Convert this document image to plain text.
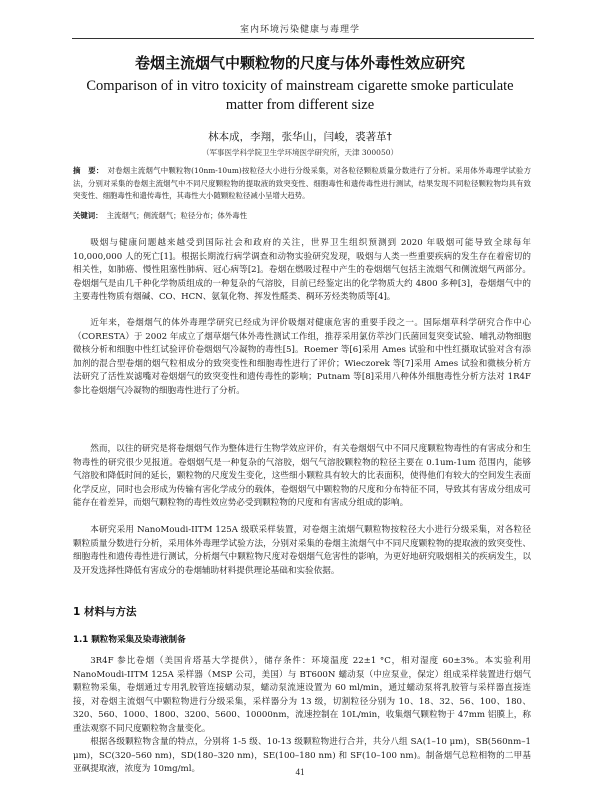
室内环境污染健康与毒理学
卷烟主流烟气中颗粒物的尺度与体外毒性效应研究
Comparison of in vitro toxicity of mainstream cigarette smoke particulate matter from different size
林本成，李翔，张华山，闫峻，裘著革†
（军事医学科学院卫生学环境医学研究所，天津 300050）
摘　要： 对卷烟主流烟气中颗粒物(10nm-10um)按粒径大小进行分级采集，对各粒径颗粒质量分数进行了分析。采用体外毒理学试验方法，分别对采集的卷烟主流烟气中不同尺度颗粒物的提取液的致突变性、细胞毒性和遗传毒性进行测试，结果发现不同粒径颗粒物均具有致突变性、细胞毒性和遗传毒性，其毒性大小随颗粒粒径减小呈增大趋势。
关键词： 主流烟气；侧流烟气；粒径分布；体外毒性

吸烟与健康问题越来越受到国际社会和政府的关注，世界卫生组织预测到 2020 年吸烟可能导致全球每年 10,000,000 人的死亡[1]。根据长期流行病学调查和动物实验研究发现，吸烟与人类一些重要疾病的发生存在着密切的相关性，如肺癌、慢性阻塞性肺病、冠心病等[2]。卷烟在燃吸过程中产生的卷烟烟气包括主流烟气和侧流烟气两部分。卷烟烟气是由几千种化学物质组成的一种复杂的气溶胶，目前已经鉴定出的化学物质大约 4800 多种[3]，卷烟烟气中的主要毒性物质有烟碱、CO、HCN、氨氧化物、挥发性醛类、稠环芳烃类物质等[4]。

近年来，卷烟烟气的体外毒理学研究已经成为评价吸烟对健康危害的重要手段之一。国际烟草科学研究合作中心（CORESTA）于 2002 年成立了烟草烟气体外毒性测试工作组，推荐采用氯仿萃沙门氏菌回复突变试验、哺乳动物细胞微核分析和细胞中性红试验评价卷烟烟气冷凝物的毒性[5]。Roemer 等[6]采用 Ames 试验和中性红摄取试验对含有添加剂的混合型卷烟的烟气粒相成分的致突变性和细胞毒性进行了评价；Wieczorek 等[7]采用 Ames 试验和微核分析方法研究了活性炭滤嘴对卷烟烟气的致突变性和遗传毒性的影响；Putnam 等[8]采用八种体外细胞毒性分析方法对 1R4F 参比卷烟烟气冷凝物的细胞毒性进行了分析。

然而，以往的研究是将卷烟烟气作为整体进行生物学效应评价，有关卷烟烟气中不同尺度颗粒物毒性的有害成分和生物毒性的研究很少见报道。卷烟烟气是一种复杂的气溶胶，烟气气溶胶颗粒物的粒径主要在 0.1um-1um 范围内，能够气溶胶和降低时间的延长，颗粒物的尺度发生变化，这些细小颗粒具有较大的比表面积，使得他们有较大的空间发生表面化学反应，同时也会形成为传输有害化学成分的载体，卷烟烟气中颗粒物的尺度和分布特征不同，导致其有害成分组成可能存在着差异，而烟气颗粒物的毒性效应势必受到颗粒物的尺度和有害成分组成的影响。

本研究采用 NanoMoudi-IITM 125A 级联采样装置，对卷烟主流烟气颗粒物按粒径大小进行分级采集，对各粒径颗粒质量分数进行分析，采用体外毒理学试验方法，分别对采集的卷烟主流烟气中不同尺度颗粒物的提取液的致突变性、细胞毒性和遗传毒性进行测试，分析烟气中颗粒物尺度对卷烟烟气危害性的影响，为更好地研究吸烟相关的疾病发生，以及开发选择性降低有害成分的卷烟辅助材料提供理论基础和实验依据。

1 材料与方法
1.1 颗粒物采集及染毒液制备

3R4F 参比卷烟（美国肯塔基大学提供），储存条件：环境温度 22±1 °C，相对湿度 60±3%。本实验利用 NanoMoudi-IITM 125A 采样器（MSP 公司，美国）与 BT600N 蠕动泵（中应泵业，保定）组成采样装置进行烟气颗粒物采集，卷烟通过专用乳胶管连接蠕动泵，蠕动泵流速设置为 60 ml/min，通过蠕动泵将乳胶管与采样器直接连接，对卷烟主流烟气中颗粒物进行分级采集，采样器分为 13 级，切割粒径分别为 10、18、32、56、100、180、320、560、1000、1800、3200、5600、10000nm，流速控制在 10L/min，收集烟气颗粒物于 47mm 铝膜上，称重法观察不同尺度颗粒物含量变化。

根据各级颗粒物含量的特点，分别将 1-5 级、10-13 级颗粒物进行合并，共分八组 SA(1–10 μm)，SB(560nm–1 μm)，SC(320–560 nm)，SD(180–320 nm)，SE(100–180 nm) 和 SF(10–100 nm)。制备烟气总粒相物的二甲基亚砜提取液，浓度为 10mg/ml。	41
